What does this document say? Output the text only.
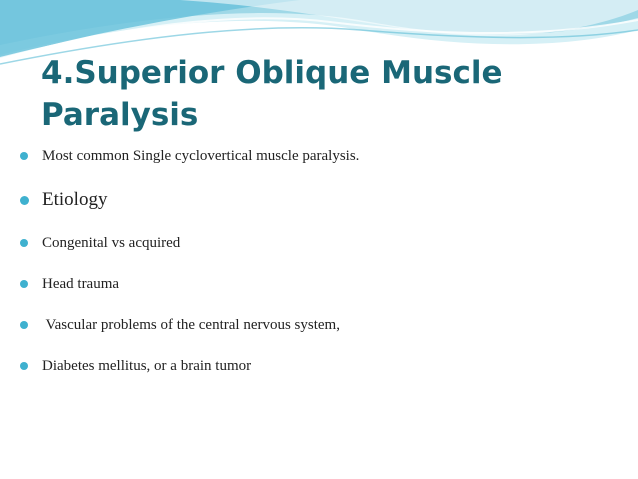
4.Superior Oblique Muscle Paralysis
Most common Single cyclovertical muscle paralysis.
Etiology
Congenital vs acquired
Head trauma
Vascular problems of the central nervous system,
Diabetes mellitus, or a brain tumor
